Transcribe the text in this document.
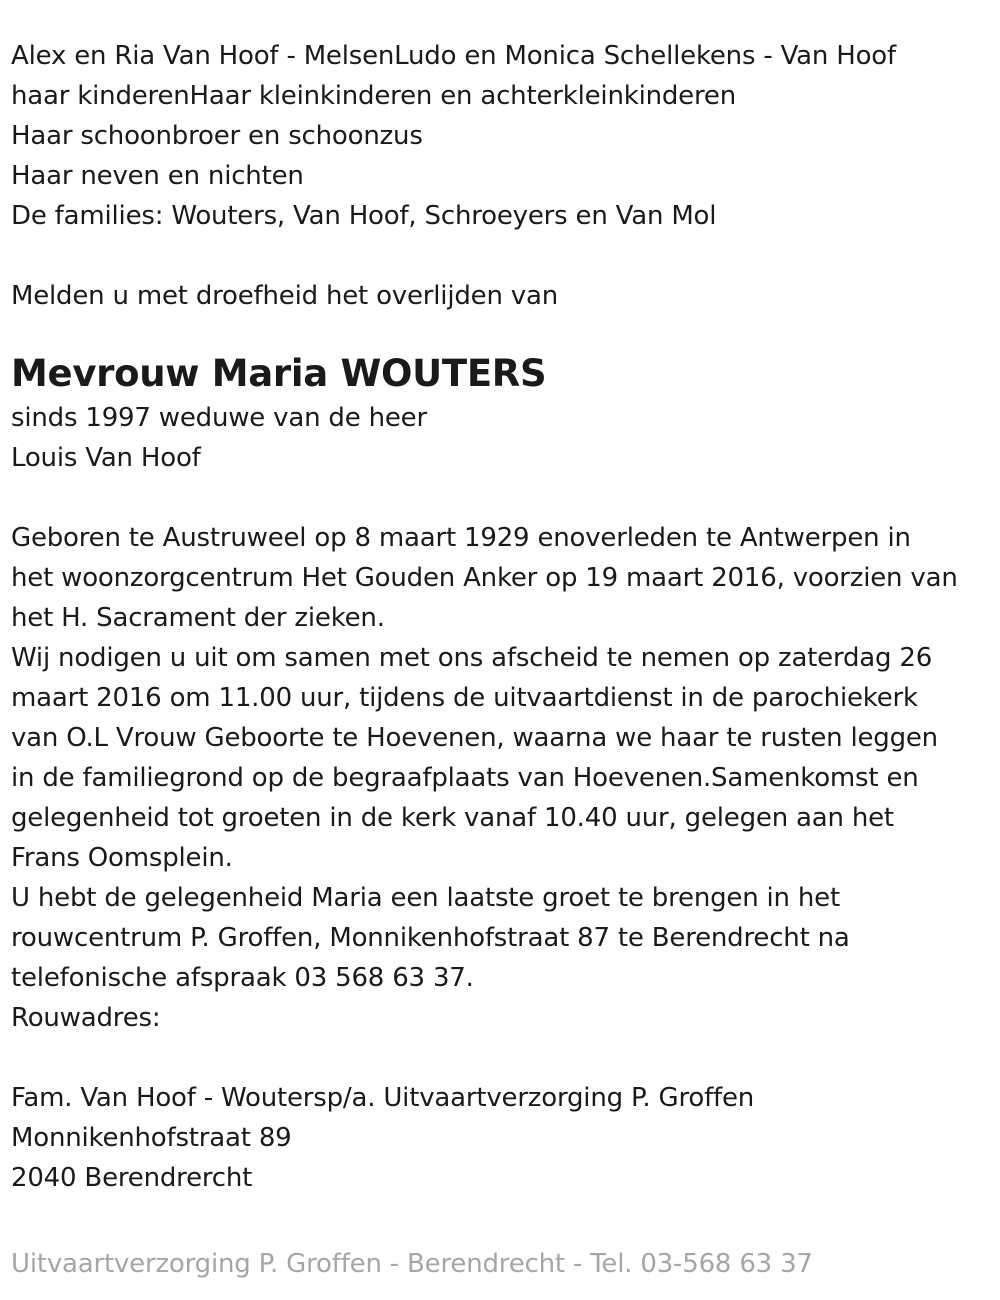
Alex en Ria Van Hoof - MelsenLudo en Monica Schellekens - Van Hoof
haar kinderenHaar kleinkinderen en achterkleinkinderen
Haar schoonbroer en schoonzus
Haar neven en nichten
De families: Wouters, Van Hoof, Schroeyers en Van Mol
Melden u met droefheid het overlijden van
Mevrouw Maria WOUTERS
sinds 1997 weduwe van de heer
Louis Van Hoof
Geboren te Austruweel op 8 maart 1929 enoverleden te Antwerpen in
het woonzorgcentrum Het Gouden Anker op 19 maart 2016, voorzien van
het H. Sacrament der zieken.
Wij nodigen u uit om samen met ons afscheid te nemen op zaterdag 26
maart 2016 om 11.00 uur, tijdens de uitvaartdienst in de parochiekerk
van O.L Vrouw Geboorte te Hoevenen, waarna we haar te rusten leggen
in de familiegrond op de begraafplaats van Hoevenen.Samenkomst en
gelegenheid tot groeten in de kerk vanaf 10.40 uur, gelegen aan het
Frans Oomsplein.
U hebt de gelegenheid Maria een laatste groet te brengen in het
rouwcentrum P. Groffen, Monnikenhofstraat 87 te Berendrecht na
telefonische afspraak 03 568 63 37.
Rouwadres:
Fam. Van Hoof - Woutersp/a. Uitvaartverzorging P. Groffen
Monnikenhofstraat 89
2040 Berendrercht
Uitvaartverzorging P. Groffen - Berendrecht - Tel. 03-568 63 37
